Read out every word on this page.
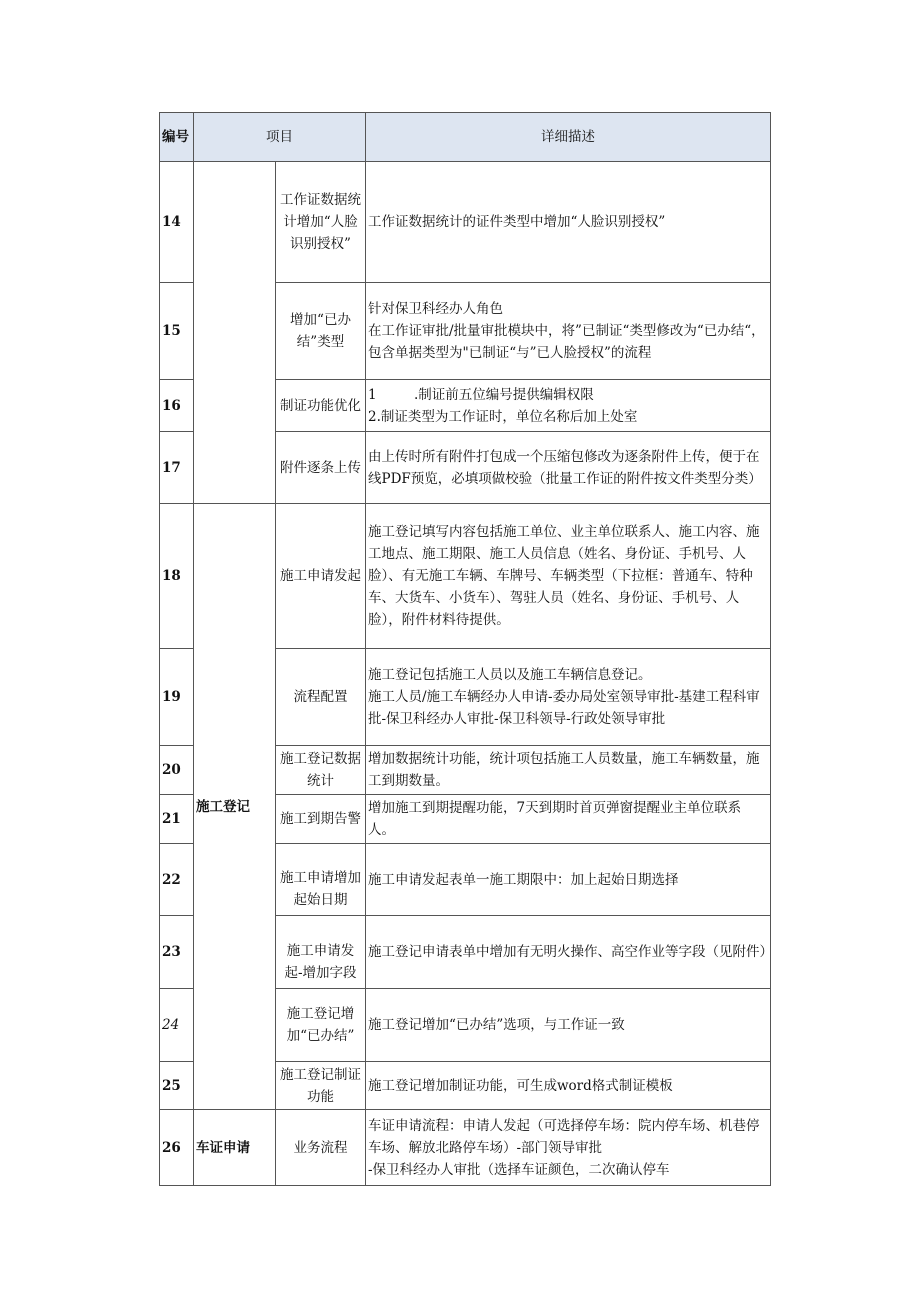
编号	项目		详细描述
14		工作证数据统计增加“人脸识别授权”	工作证数据统计的证件类型中增加“人脸识别授权”
15		增加“已办结”类型	针对保卫科经办人角色
在工作证审批/批量审批模块中，将”已制证“类型修改为“已办结“，包含单据类型为"已制证“与”已人脸授权”的流程

16		制证功能优化	1 .制证前五位编号提供编辑权限
2.制证类型为工作证时，单位名称后加上处室

17		附件逐条上传	由上传时所有附件打包成一个压缩包修改为逐条附件上传，便于在线PDF预览，必填项做校验（批量工作证的附件按文件类型分类）
18	施工登记	施工申请发起	施工登记填写内容包括施工单位、业主单位联系人、施工内容、施工地点、施工期限、施工人员信息（姓名、身份证、手机号、人脸）、有无施工车辆、车牌号、车辆类型（下拉框：普通车、特种车、大货车、小货车）、驾驻人员（姓名、身份证、手机号、人脸），附件材料待提供。
19		流程配置	施工登记包括施工人员以及施工车辆信息登记。
施工人员/施工车辆经办人申请-委办局处室领导审批-基建工程科审批-保卫科经办人审批-保卫科领导-行政处领导审批

20		施工登记数据统计	增加数据统计功能，统计项包括施工人员数量，施工车辆数量，施工到期数量。
21		施工到期告警	增加施工到期提醒功能，7天到期时首页弹窗提醒业主单位联系人。
22		施工申请增加起始日期	施工申请发起表单一施工期限中：加上起始日期选择
23		施工申请发起-增加字段	施工登记申请表单中增加有无明火操作、高空作业等字段（见附件）
24		施工登记增加“已办结”	施工登记增加“已办结”选项，与工作证一致
25		施工登记制证功能	施工登记增加制证功能，可生成word格式制证模板
26	车证申请	业务流程	车证申请流程：申请人发起（可选择停车场：院内停车场、机巷停车场、解放北路停车场）-部门领导审批
-保卫科经办人审批（选择车证颜色，二次确认停车
